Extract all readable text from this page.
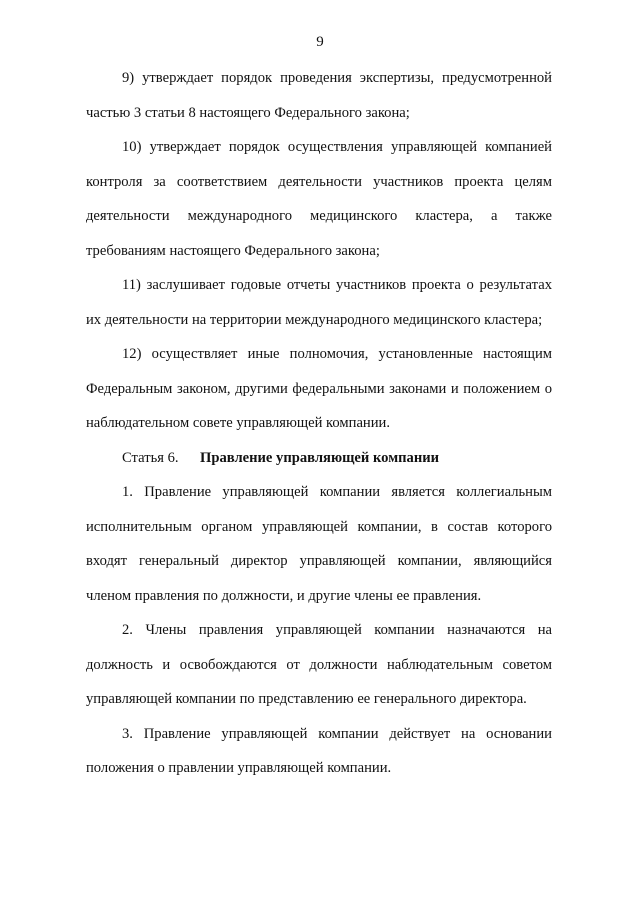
9

9) утверждает порядок проведения экспертизы, предусмотренной частью 3 статьи 8 настоящего Федерального закона;

10) утверждает порядок осуществления управляющей компанией контроля за соответствием деятельности участников проекта целям деятельности международного медицинского кластера, а также требованиям настоящего Федерального закона;

11) заслушивает годовые отчеты участников проекта о результатах их деятельности на территории международного медицинского кластера;

12) осуществляет иные полномочия, установленные настоящим Федеральным законом, другими федеральными законами и положением о наблюдательном совете управляющей компании.

Статья 6. Правление управляющей компании

1. Правление управляющей компании является коллегиальным исполнительным органом управляющей компании, в состав которого входят генеральный директор управляющей компании, являющийся членом правления по должности, и другие члены ее правления.

2. Члены правления управляющей компании назначаются на должность и освобождаются от должности наблюдательным советом управляющей компании по представлению ее генерального директора.

3. Правление управляющей компании действует на основании положения о правлении управляющей компании.
